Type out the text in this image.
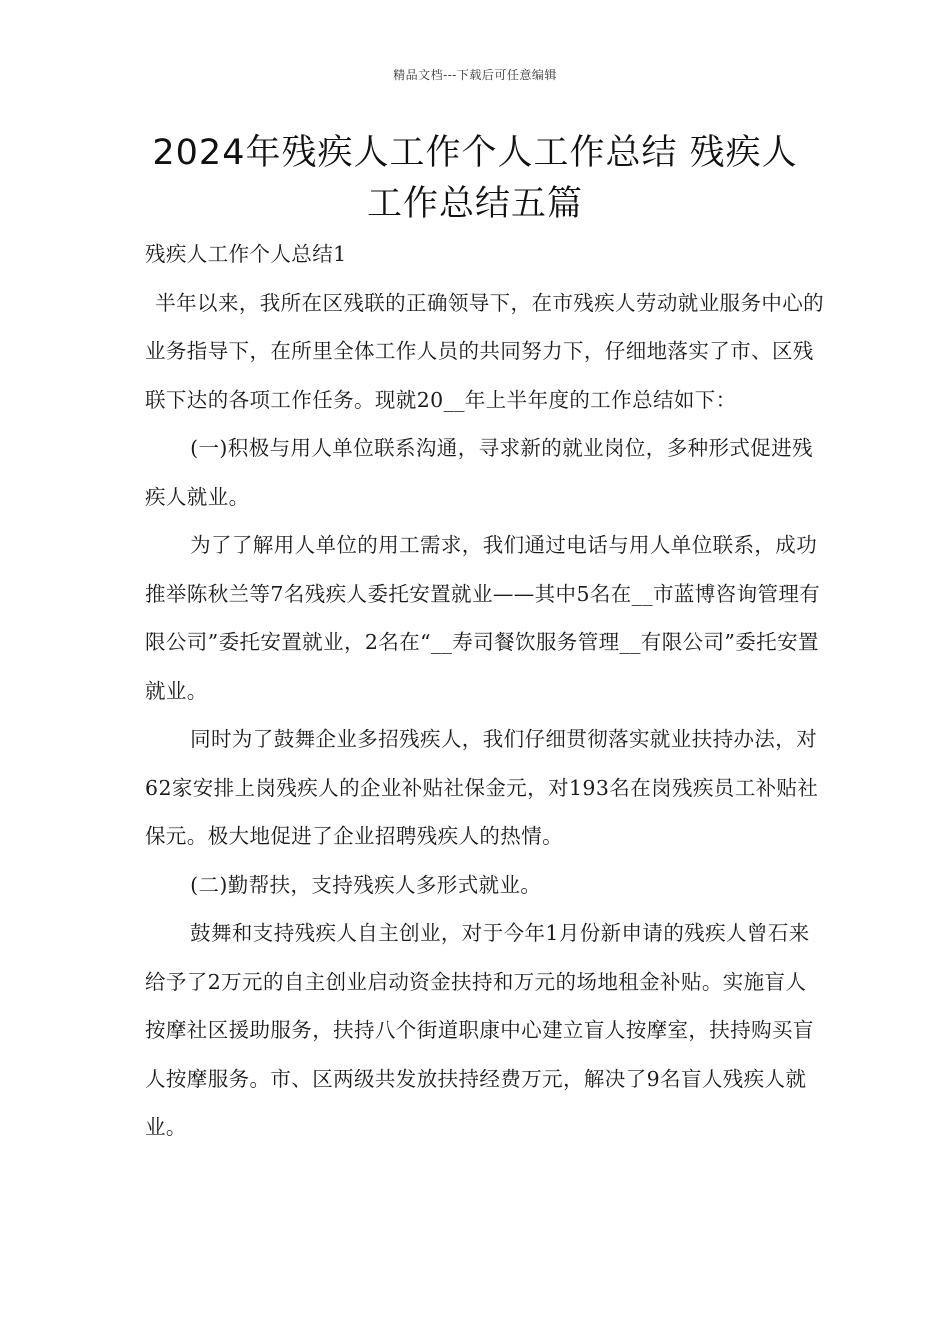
精品文档---下载后可任意编辑
2024年残疾人工作个人工作总结 残疾人工作总结五篇

残疾人工作个人总结1

半年以来，我所在区残联的正确领导下，在市残疾人劳动就业服务中心的业务指导下，在所里全体工作人员的共同努力下，仔细地落实了市、区残联下达的各项工作任务。现就20__年上半年度的工作总结如下：

(一)积极与用人单位联系沟通，寻求新的就业岗位，多种形式促进残疾人就业。

为了了解用人单位的用工需求，我们通过电话与用人单位联系，成功推举陈秋兰等7名残疾人委托安置就业——其中5名在__市蓝博咨询管理有限公司”委托安置就业，2名在“__寿司餐饮服务管理__有限公司”委托安置就业。

同时为了鼓舞企业多招残疾人，我们仔细贯彻落实就业扶持办法，对62家安排上岗残疾人的企业补贴社保金元，对193名在岗残疾员工补贴社保元。极大地促进了企业招聘残疾人的热情。

(二)勤帮扶，支持残疾人多形式就业。

鼓舞和支持残疾人自主创业，对于今年1月份新申请的残疾人曾石来给予了2万元的自主创业启动资金扶持和万元的场地租金补贴。实施盲人按摩社区援助服务，扶持八个街道职康中心建立盲人按摩室，扶持购买盲人按摩服务。市、区两级共发放扶持经费万元，解决了9名盲人残疾人就业。
